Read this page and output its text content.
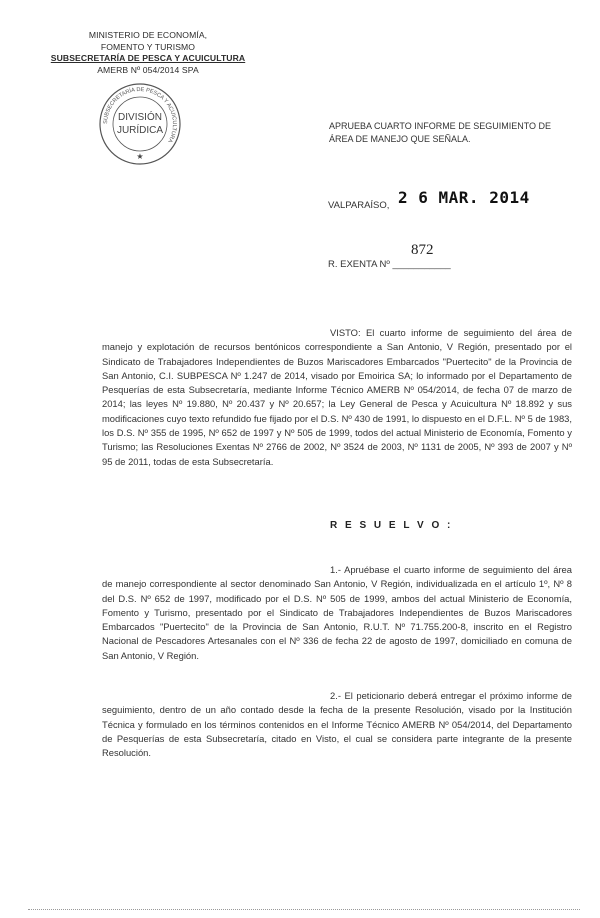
MINISTERIO DE ECONOMÍA,
FOMENTO Y TURISMO
SUBSECRETARÍA DE PESCA Y ACUICULTURA
AMERB Nº 054/2014 SPA
SUBSECRETARÍA DE PESCA Y ACUICULTURA
DIVISIÓN
JURÍDICA
★
APRUEBA CUARTO INFORME DE SEGUIMIENTO DE ÁREA DE MANEJO QUE SEÑALA.
VALPARAÍSO, 2 6 MAR. 2014
872
R. EXENTA Nº ___________

VISTO: El cuarto informe de seguimiento del área de manejo y explotación de recursos bentónicos correspondiente a San Antonio, V Región, presentado por el Sindicato de Trabajadores Independientes de Buzos Mariscadores Embarcados "Puertecito" de la Provincia de San Antonio, C.I. SUBPESCA Nº 1.247 de 2014, visado por Emoirica SA; lo informado por el Departamento de Pesquerías de esta Subsecretaría, mediante Informe Técnico AMERB Nº 054/2014, de fecha 07 de marzo de 2014; las leyes Nº 19.880, Nº 20.437 y Nº 20.657; la Ley General de Pesca y Acuicultura Nº 18.892 y sus modificaciones cuyo texto refundido fue fijado por el D.S. Nº 430 de 1991, lo dispuesto en el D.F.L. Nº 5 de 1983, los D.S. Nº 355 de 1995, Nº 652 de 1997 y Nº 505 de 1999, todos del actual Ministerio de Economía, Fomento y Turismo; las Resoluciones Exentas Nº 2766 de 2002, Nº 3524 de 2003, Nº 1131 de 2005, Nº 393 de 2007 y Nº 95 de 2011, todas de esta Subsecretaría.

R E S U E L V O :

1.- Apruébase el cuarto informe de seguimiento del área de manejo correspondiente al sector denominado San Antonio, V Región, individualizada en el artículo 1º, Nº 8 del D.S. Nº 652 de 1997, modificado por el D.S. Nº 505 de 1999, ambos del actual Ministerio de Economía, Fomento y Turismo, presentado por el Sindicato de Trabajadores Independientes de Buzos Mariscadores Embarcados "Puertecito" de la Provincia de San Antonio, R.U.T. Nº 71.755.200-8, inscrito en el Registro Nacional de Pescadores Artesanales con el Nº 336 de fecha 22 de agosto de 1997, domiciliado en comuna de San Antonio, V Región.

2.- El peticionario deberá entregar el próximo informe de seguimiento, dentro de un año contado desde la fecha de la presente Resolución, visado por la Institución Técnica y formulado en los términos contenidos en el Informe Técnico AMERB Nº 054/2014, del Departamento de Pesquerías de esta Subsecretaría, citado en Visto, el cual se considera parte integrante de la presente Resolución.
